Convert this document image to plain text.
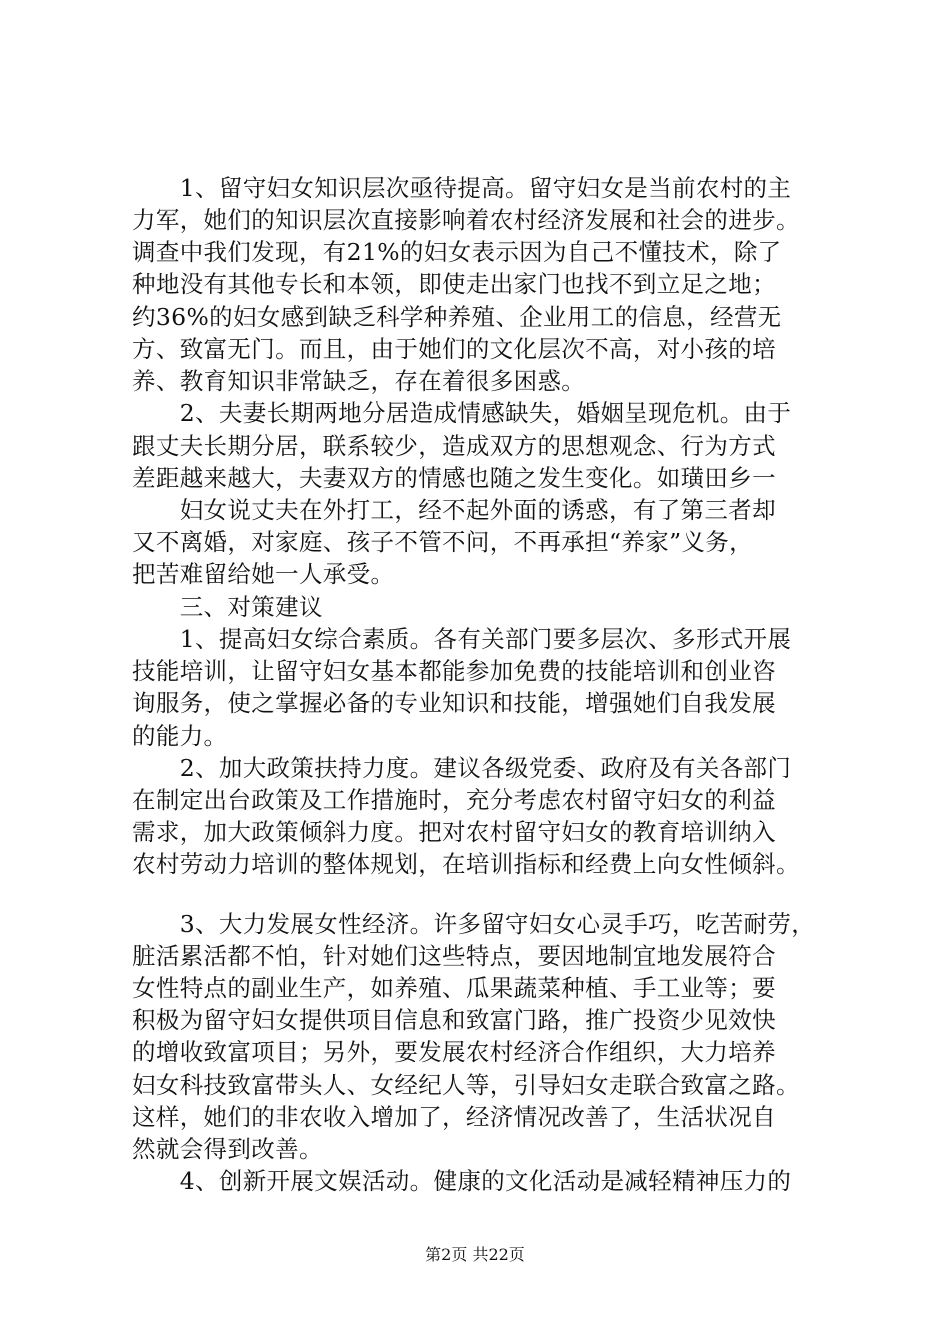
　　1、留守妇女知识层次亟待提高。留守妇女是当前农村的主
力军，她们的知识层次直接影响着农村经济发展和社会的进步。
调查中我们发现，有21%的妇女表示因为自己不懂技术，除了
种地没有其他专长和本领，即使走出家门也找不到立足之地；
约36%的妇女感到缺乏科学种养殖、企业用工的信息，经营无
方、致富无门。而且，由于她们的文化层次不高，对小孩的培
养、教育知识非常缺乏，存在着很多困惑。
　　2、夫妻长期两地分居造成情感缺失，婚姻呈现危机。由于
跟丈夫长期分居，联系较少，造成双方的思想观念、行为方式
差距越来越大，夫妻双方的情感也随之发生变化。如璜田乡一
　　妇女说丈夫在外打工，经不起外面的诱惑，有了第三者却
又不离婚，对家庭、孩子不管不问，不再承担“养家”义务，
把苦难留给她一人承受。
　　三、对策建议
　　1、提高妇女综合素质。各有关部门要多层次、多形式开展
技能培训，让留守妇女基本都能参加免费的技能培训和创业咨
询服务，使之掌握必备的专业知识和技能，增强她们自我发展
的能力。
　　2、加大政策扶持力度。建议各级党委、政府及有关各部门
在制定出台政策及工作措施时，充分考虑农村留守妇女的利益
需求，加大政策倾斜力度。把对农村留守妇女的教育培训纳入
农村劳动力培训的整体规划，在培训指标和经费上向女性倾斜。
　　3、大力发展女性经济。许多留守妇女心灵手巧，吃苦耐劳，
脏活累活都不怕，针对她们这些特点，要因地制宜地发展符合
女性特点的副业生产，如养殖、瓜果蔬菜种植、手工业等；要
积极为留守妇女提供项目信息和致富门路，推广投资少见效快
的增收致富项目；另外，要发展农村经济合作组织，大力培养
妇女科技致富带头人、女经纪人等，引导妇女走联合致富之路。
这样，她们的非农收入增加了，经济情况改善了，生活状况自
然就会得到改善。
　　4、创新开展文娱活动。健康的文化活动是减轻精神压力的
第2页 共22页
